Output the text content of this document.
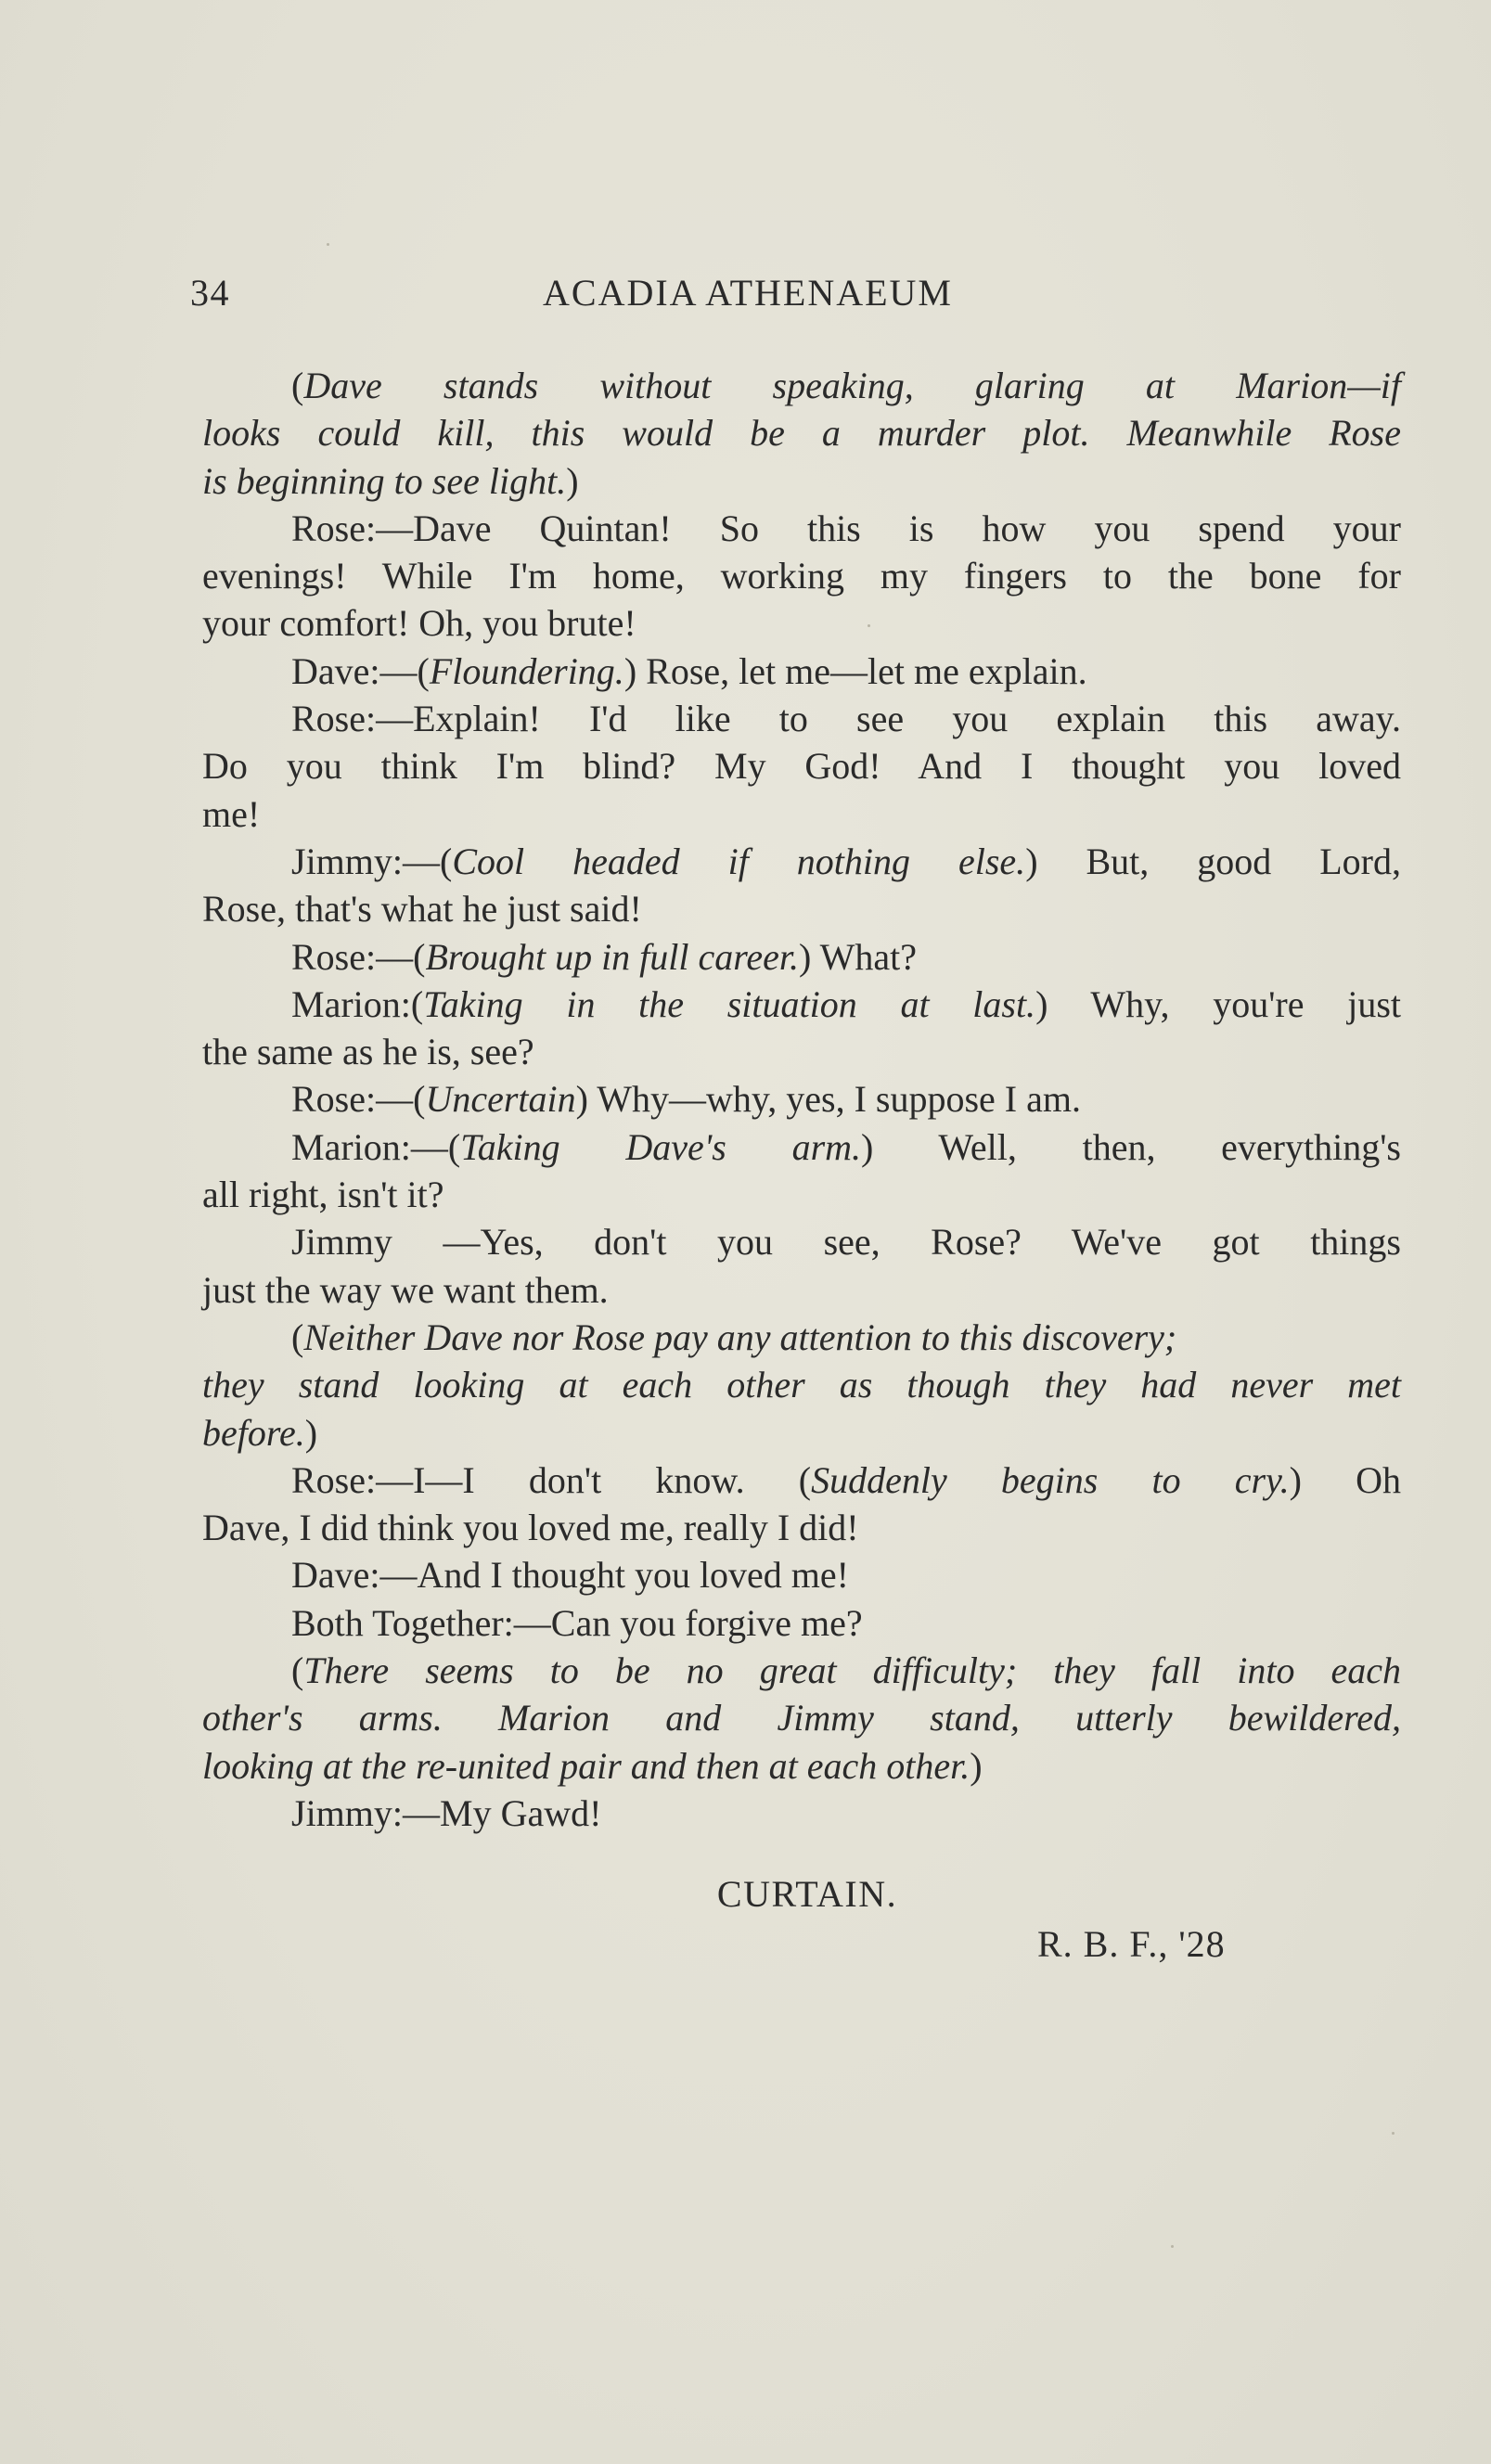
34	ACADIA ATHENAEUM
(Dave stands without speaking, glaring at Marion—if
looks could kill, this would be a murder plot. Meanwhile Rose
is beginning to see light.)
Rose:—Dave Quintan! So this is how you spend your
evenings! While I'm home, working my fingers to the bone for
your comfort! Oh, you brute!
Dave:—(Floundering.) Rose, let me—let me explain.
Rose:—Explain! I'd like to see you explain this away.
Do you think I'm blind? My God! And I thought you loved
me!
Jimmy:—(Cool headed if nothing else.) But, good Lord,
Rose, that's what he just said!
Rose:—(Brought up in full career.) What?
Marion:(Taking in the situation at last.) Why, you're just
the same as he is, see?
Rose:—(Uncertain) Why—why, yes, I suppose I am.
Marion:—(Taking Dave's arm.) Well, then, everything's
all right, isn't it?
Jimmy —Yes, don't you see, Rose? We've got things
just the way we want them.
(Neither Dave nor Rose pay any attention to this discovery;
they stand looking at each other as though they had never met
before.)
Rose:—I—I don't know. (Suddenly begins to cry.) Oh
Dave, I did think you loved me, really I did!
Dave:—And I thought you loved me!
Both Together:—Can you forgive me?
(There seems to be no great difficulty; they fall into each
other's arms. Marion and Jimmy stand, utterly bewildered,
looking at the re-united pair and then at each other.)
Jimmy:—My Gawd!
CURTAIN.
R. B. F., '28
